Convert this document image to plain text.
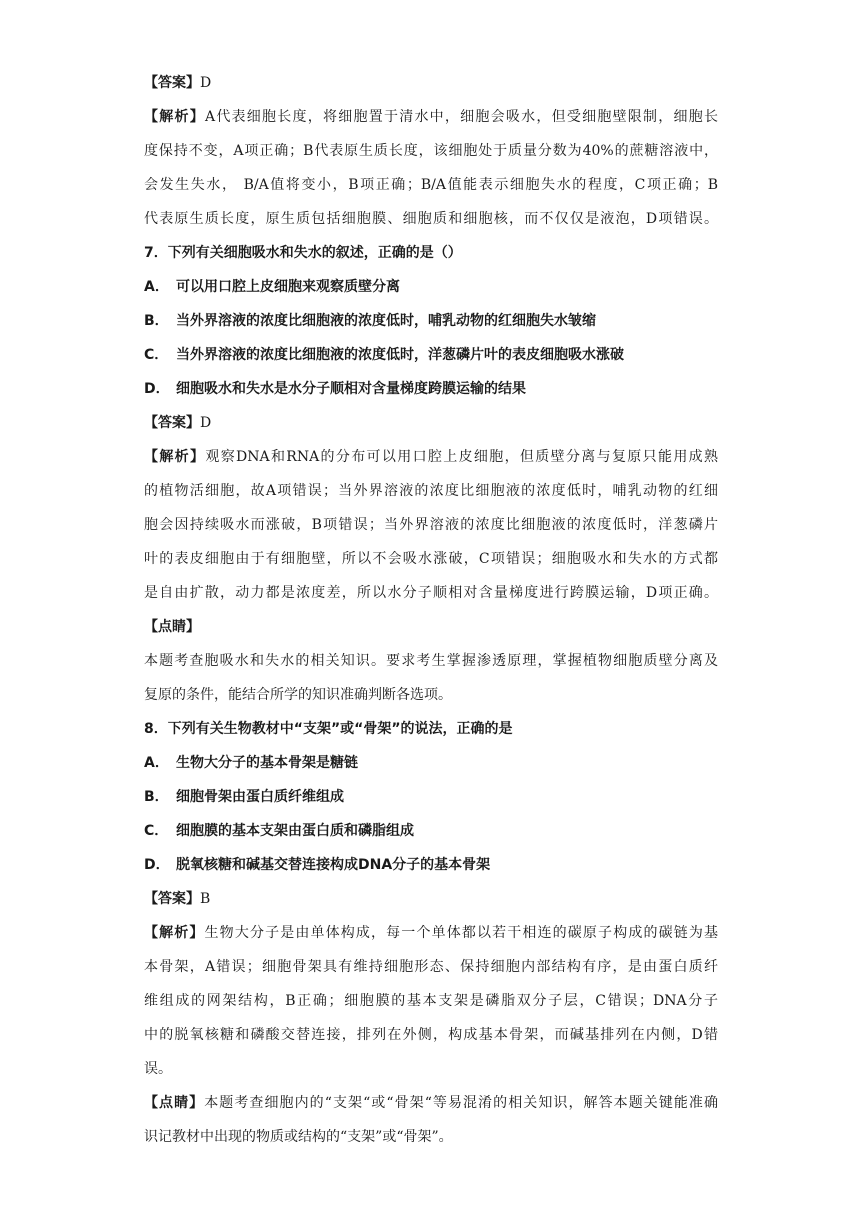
【答案】D
【解析】A代表细胞长度，将细胞置于清水中，细胞会吸水，但受细胞壁限制，细胞长
度保持不变，A项正确；B代表原生质长度，该细胞处于质量分数为40%的蔗糖溶液中，
会发生失水， B/A值将变小，B项正确；B/A值能表示细胞失水的程度，C项正确；B
代表原生质长度，原生质包括细胞膜、细胞质和细胞核，而不仅仅是液泡，D项错误。
7．下列有关细胞吸水和失水的叙述，正确的是（）
A． 可以用口腔上皮细胞来观察质壁分离
B． 当外界溶液的浓度比细胞液的浓度低时，哺乳动物的红细胞失水皱缩
C． 当外界溶液的浓度比细胞液的浓度低时，洋葱磷片叶的表皮细胞吸水涨破
D． 细胞吸水和失水是水分子顺相对含量梯度跨膜运输的结果
【答案】D
【解析】观察DNA和RNA的分布可以用口腔上皮细胞，但质壁分离与复原只能用成熟
的植物活细胞，故A项错误；当外界溶液的浓度比细胞液的浓度低时，哺乳动物的红细
胞会因持续吸水而涨破，B项错误；当外界溶液的浓度比细胞液的浓度低时，洋葱磷片
叶的表皮细胞由于有细胞壁，所以不会吸水涨破，C项错误；细胞吸水和失水的方式都
是自由扩散，动力都是浓度差，所以水分子顺相对含量梯度进行跨膜运输，D项正确。
【点睛】
本题考查胞吸水和失水的相关知识。要求考生掌握渗透原理，掌握植物细胞质壁分离及
复原的条件，能结合所学的知识准确判断各选项。
8．下列有关生物教材中“支架”或“骨架”的说法，正确的是
A． 生物大分子的基本骨架是糖链
B． 细胞骨架由蛋白质纤维组成
C． 细胞膜的基本支架由蛋白质和磷脂组成
D． 脱氧核糖和碱基交替连接构成DNA分子的基本骨架
【答案】B
【解析】生物大分子是由单体构成，每一个单体都以若干相连的碳原子构成的碳链为基
本骨架，A错误；细胞骨架具有维持细胞形态、保持细胞内部结构有序，是由蛋白质纤
维组成的网架结构，B正确；细胞膜的基本支架是磷脂双分子层，C错误；DNA分子
中的脱氧核糖和磷酸交替连接，排列在外侧，构成基本骨架，而碱基排列在内侧，D错
误。
【点睛】本题考查细胞内的“支架“或“骨架“等易混淆的相关知识，解答本题关键能准确
识记教材中出现的物质或结构的“支架”或“骨架”。
